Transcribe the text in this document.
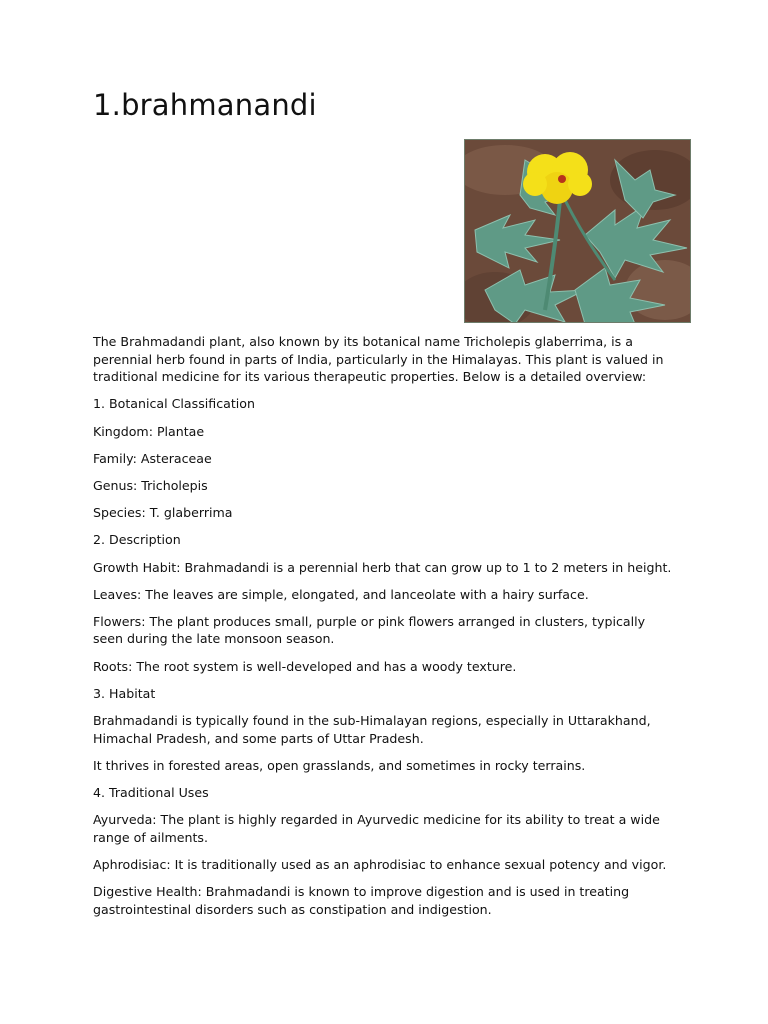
1.brahmanandi

The Brahmadandi plant, also known by its botanical name Tricholepis glaberrima, is a perennial herb found in parts of India, particularly in the Himalayas. This plant is valued in traditional medicine for its various therapeutic properties. Below is a detailed overview:

1. Botanical Classification

Kingdom: Plantae

Family: Asteraceae

Genus: Tricholepis

Species: T. glaberrima

2. Description

Growth Habit: Brahmadandi is a perennial herb that can grow up to 1 to 2 meters in height.

Leaves: The leaves are simple, elongated, and lanceolate with a hairy surface.

Flowers: The plant produces small, purple or pink flowers arranged in clusters, typically seen during the late monsoon season.

Roots: The root system is well-developed and has a woody texture.

3. Habitat

Brahmadandi is typically found in the sub-Himalayan regions, especially in Uttarakhand, Himachal Pradesh, and some parts of Uttar Pradesh.

It thrives in forested areas, open grasslands, and sometimes in rocky terrains.

4. Traditional Uses

Ayurveda: The plant is highly regarded in Ayurvedic medicine for its ability to treat a wide range of ailments.

Aphrodisiac: It is traditionally used as an aphrodisiac to enhance sexual potency and vigor.

Digestive Health: Brahmadandi is known to improve digestion and is used in treating gastrointestinal disorders such as constipation and indigestion.
